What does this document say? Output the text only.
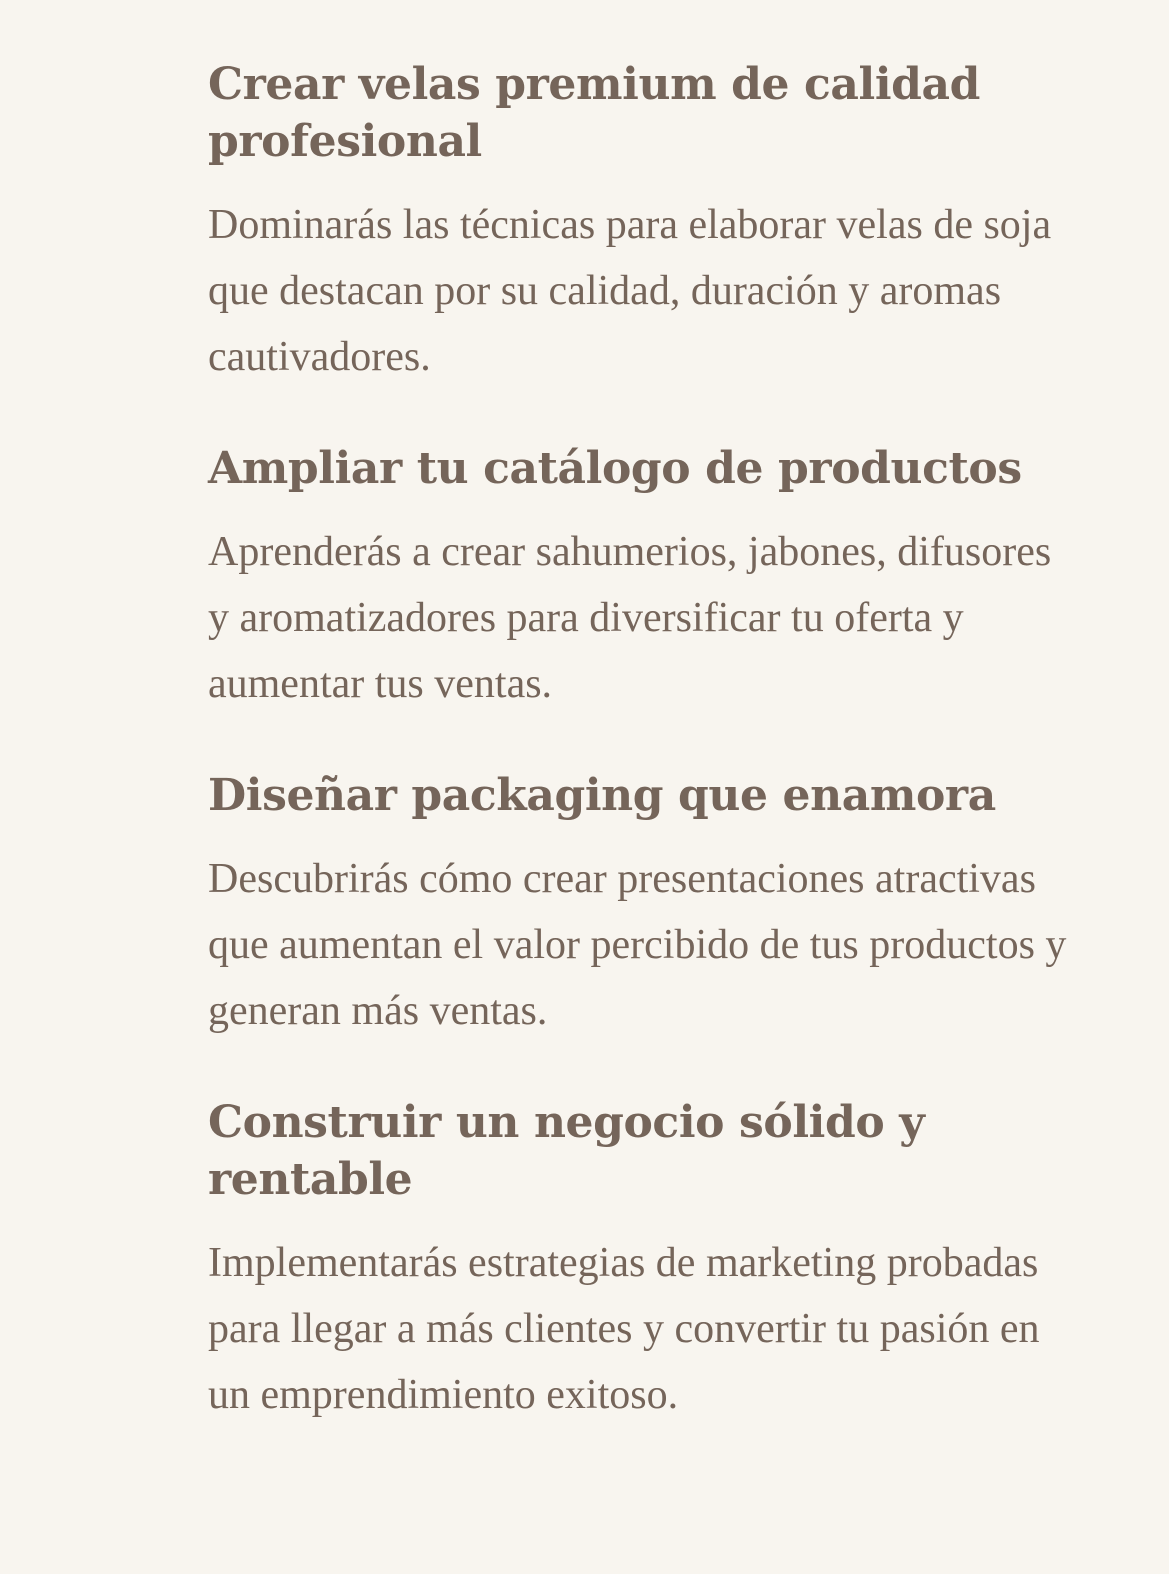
Crear velas premium de calidad profesional

Dominarás las técnicas para elaborar velas de soja que destacan por su calidad, duración y aromas cautivadores.

Ampliar tu catálogo de productos

Aprenderás a crear sahumerios, jabones, difusores y aromatizadores para diversificar tu oferta y aumentar tus ventas.

Diseñar packaging que enamora

Descubrirás cómo crear presentaciones atractivas que aumentan el valor percibido de tus productos y generan más ventas.

Construir un negocio sólido y rentable

Implementarás estrategias de marketing probadas para llegar a más clientes y convertir tu pasión en un emprendimiento exitoso.
